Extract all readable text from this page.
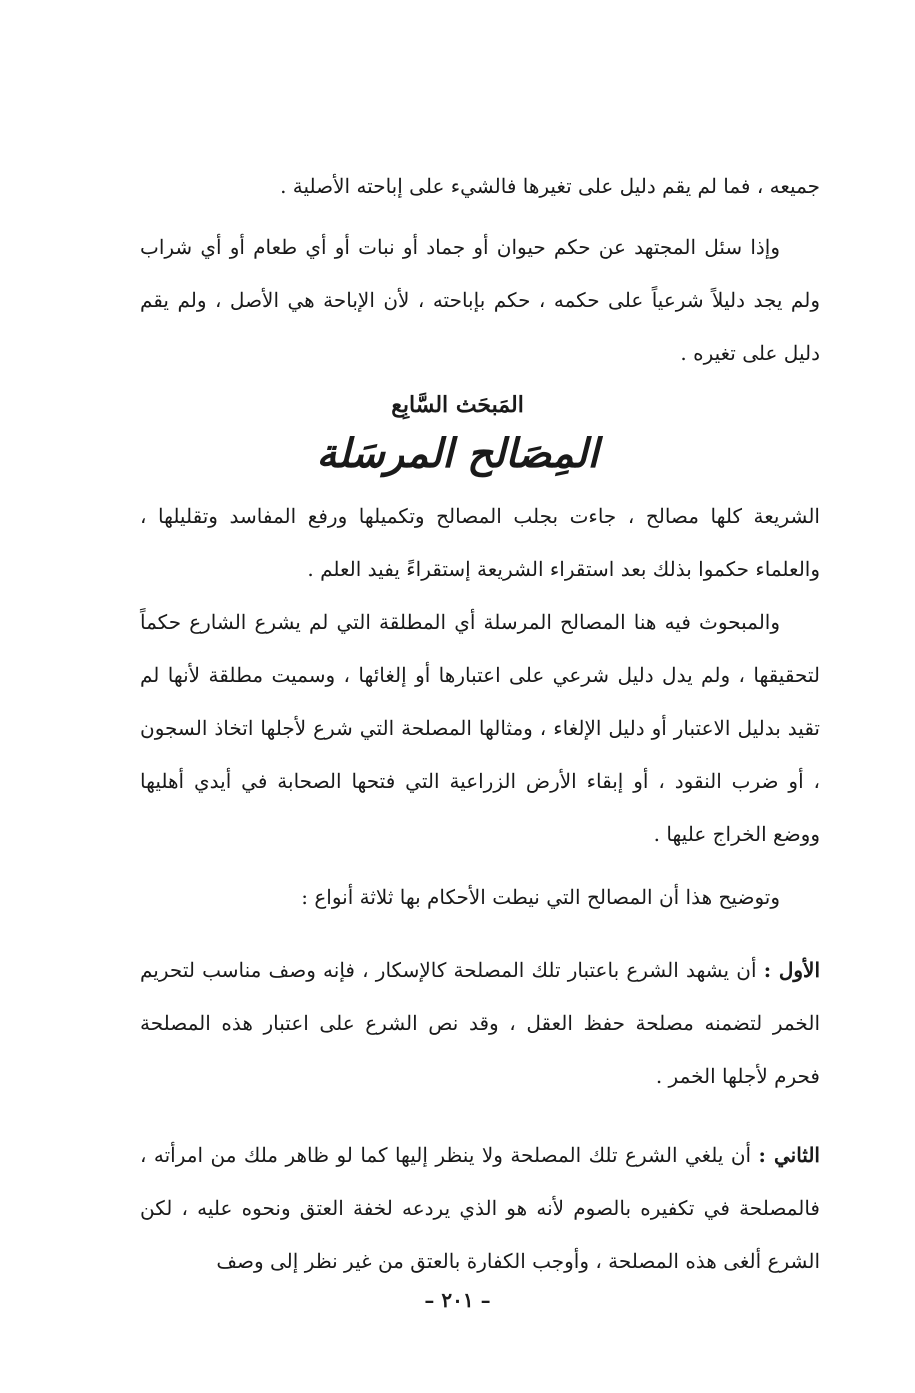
جميعه ، فما لم يقم دليل على تغيرها فالشيء على إباحته الأصلية .

وإذا سئل المجتهد عن حكم حيوان أو جماد أو نبات أو أي طعام أو أي شراب ولم يجد دليلاً شرعياً على حكمه ، حكم بإباحته ، لأن الإباحة هي الأصل ، ولم يقم دليل على تغيره .

المَبحَث السَّابِع
المِصَالح المرسَلة

الشريعة كلها مصالح ، جاءت بجلب المصالح وتكميلها ورفع المفاسد وتقليلها ، والعلماء حكموا بذلك بعد استقراء الشريعة إستقراءً يفيد العلم .

والمبحوث فيه هنا المصالح المرسلة أي المطلقة التي لم يشرع الشارع حكماً لتحقيقها ، ولم يدل دليل شرعي على اعتبارها أو إلغائها ، وسميت مطلقة لأنها لم تقيد بدليل الاعتبار أو دليل الإلغاء ، ومثالها المصلحة التي شرع لأجلها اتخاذ السجون ، أو ضرب النقود ، أو إبقاء الأرض الزراعية التي فتحها الصحابة في أيدي أهليها ووضع الخراج عليها .

وتوضيح هذا أن المصالح التي نيطت الأحكام بها ثلاثة أنواع :

الأول : أن يشهد الشرع باعتبار تلك المصلحة كالإسكار ، فإنه وصف مناسب لتحريم الخمر لتضمنه مصلحة حفظ العقل ، وقد نص الشرع على اعتبار هذه المصلحة فحرم لأجلها الخمر .

الثاني : أن يلغي الشرع تلك المصلحة ولا ينظر إليها كما لو ظاهر ملك من امرأته ، فالمصلحة في تكفيره بالصوم لأنه هو الذي يردعه لخفة العتق ونحوه عليه ، لكن الشرع ألغى هذه المصلحة ، وأوجب الكفارة بالعتق من غير نظر إلى وصف

– ٢٠١ –
